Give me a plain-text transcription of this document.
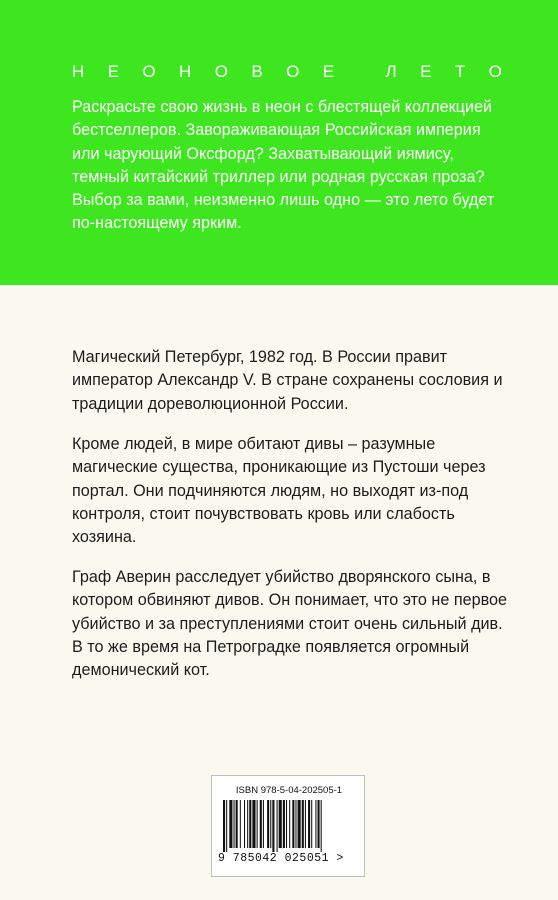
Н Е О Н О В О Е
	Л Е Т О

Раскрасьте свою жизнь в неон с блестящей коллекцией бестселлеров. Завораживающая Российская империя или чарующий Оксфорд? Захватывающий иямису, темный китайский триллер или родная русская проза? Выбор за вами, неизменно лишь одно — это лето будет по-настоящему ярким.

Магический Петербург, 1982 год. В России правит император Александр V. В стране сохранены сословия и традиции дореволюционной России.

Кроме людей, в мире обитают дивы – разумные магические существа, проникающие из Пустоши через портал. Они подчиняются людям, но выходят из-под контроля, стоит почувствовать кровь или слабость хозяина.

Граф Аверин расследует убийство дворянского сына, в котором обвиняют дивов. Он понимает, что это не первое убийство и за преступлениями стоит очень сильный див. В то же время на Петроградке появляется огромный демонический кот.

ISBN 978-5-04-202505-1
9 785042 025051 >
